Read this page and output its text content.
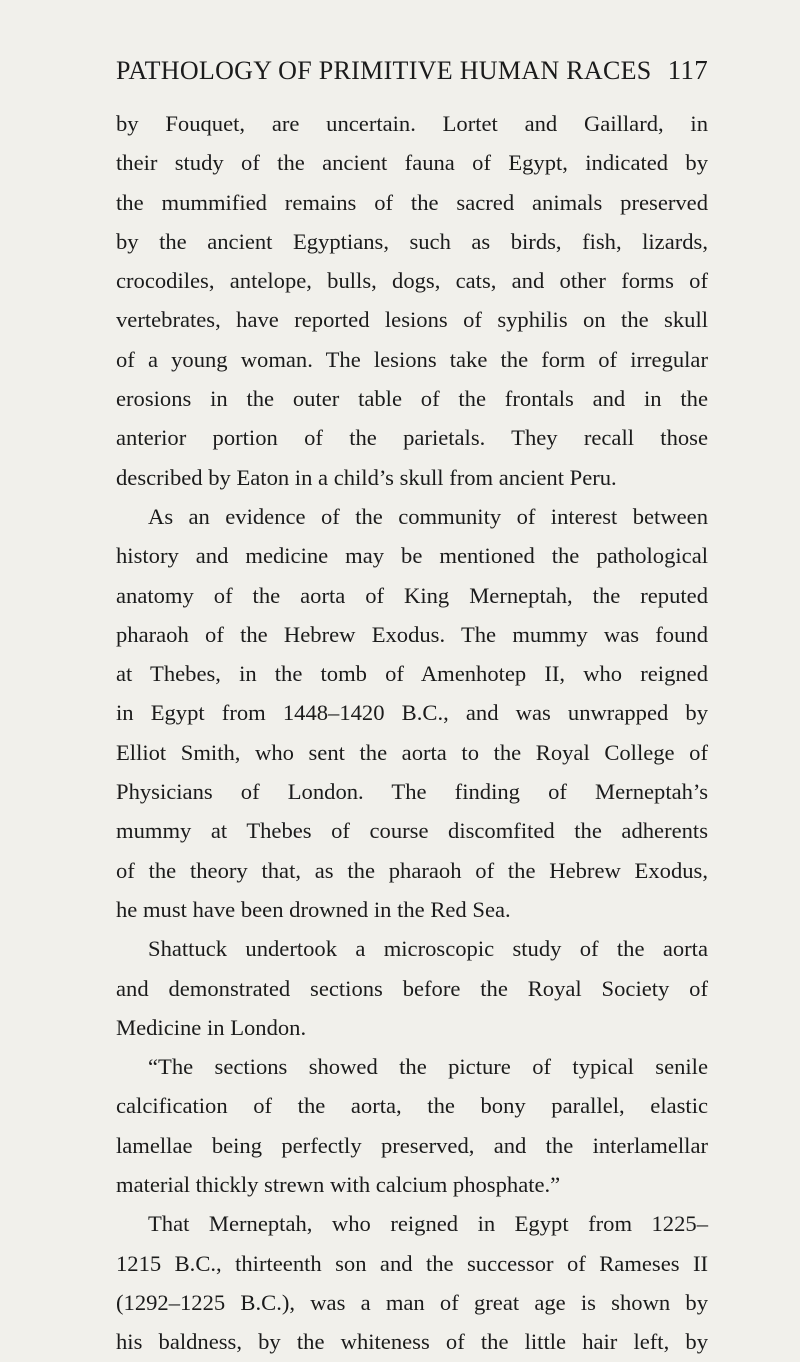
PATHOLOGY OF PRIMITIVE HUMAN RACES 117

by Fouquet, are uncertain. Lortet and Gaillard, in

their study of the ancient fauna of Egypt, indicated by

the mummified remains of the sacred animals preserved

by the ancient Egyptians, such as birds, fish, lizards,

crocodiles, antelope, bulls, dogs, cats, and other forms of

vertebrates, have reported lesions of syphilis on the skull

of a young woman. The lesions take the form of irregular

erosions in the outer table of the frontals and in the

anterior portion of the parietals. They recall those

described by Eaton in a child’s skull from ancient Peru.

As an evidence of the community of interest between

history and medicine may be mentioned the pathological

anatomy of the aorta of King Merneptah, the reputed

pharaoh of the Hebrew Exodus. The mummy was found

at Thebes, in the tomb of Amenhotep II, who reigned

in Egypt from 1448–1420 B.C., and was unwrapped by

Elliot Smith, who sent the aorta to the Royal College of

Physicians of London. The finding of Merneptah’s

mummy at Thebes of course discomfited the adherents

of the theory that, as the pharaoh of the Hebrew Exodus,

he must have been drowned in the Red Sea.

Shattuck undertook a microscopic study of the aorta

and demonstrated sections before the Royal Society of

Medicine in London.

“The sections showed the picture of typical senile

calcification of the aorta, the bony parallel, elastic

lamellae being perfectly preserved, and the interlamellar

material thickly strewn with calcium phosphate.”

That Merneptah, who reigned in Egypt from 1225–

1215 B.C., thirteenth son and the successor of Rameses II

(1292–1225 B.C.), was a man of great age is shown by

his baldness, by the whiteness of the little hair left, by
